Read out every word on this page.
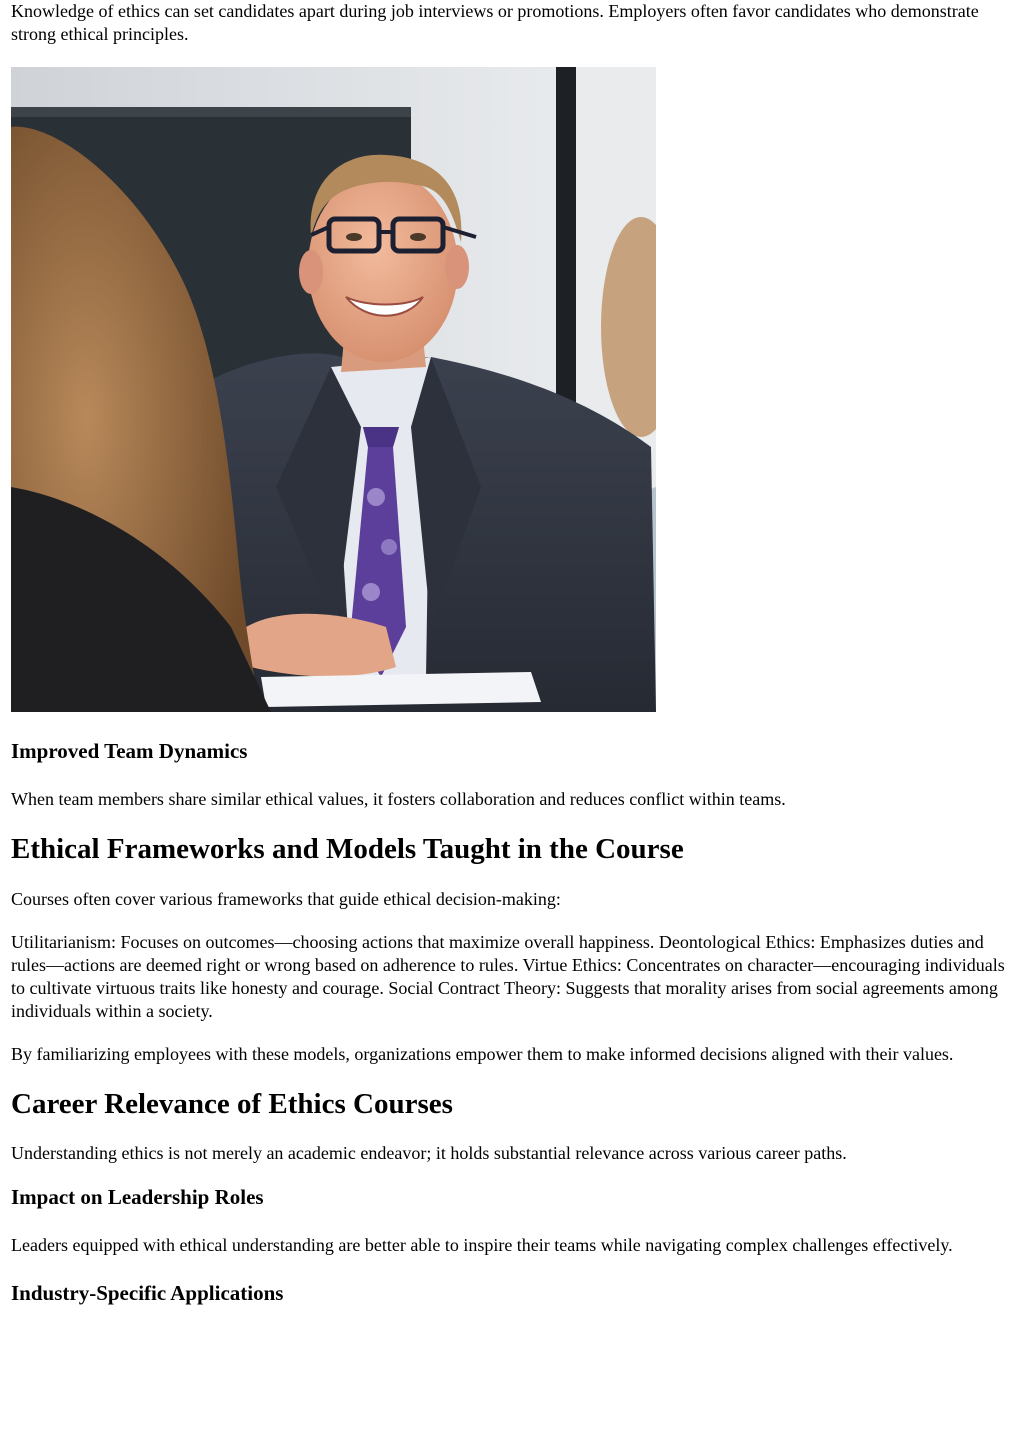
Knowledge of ethics can set candidates apart during job interviews or promotions. Employers often favor candidates who demonstrate strong ethical principles.

Improved Team Dynamics

When team members share similar ethical values, it fosters collaboration and reduces conflict within teams.

Ethical Frameworks and Models Taught in the Course

Courses often cover various frameworks that guide ethical decision-making:

Utilitarianism: Focuses on outcomes—choosing actions that maximize overall happiness. Deontological Ethics: Emphasizes duties and rules—actions are deemed right or wrong based on adherence to rules. Virtue Ethics: Concentrates on character—encouraging individuals to cultivate virtuous traits like honesty and courage. Social Contract Theory: Suggests that morality arises from social agreements among individuals within a society.

By familiarizing employees with these models, organizations empower them to make informed decisions aligned with their values.

Career Relevance of Ethics Courses

Understanding ethics is not merely an academic endeavor; it holds substantial relevance across various career paths.

Impact on Leadership Roles

Leaders equipped with ethical understanding are better able to inspire their teams while navigating complex challenges effectively.

Industry-Specific Applications
